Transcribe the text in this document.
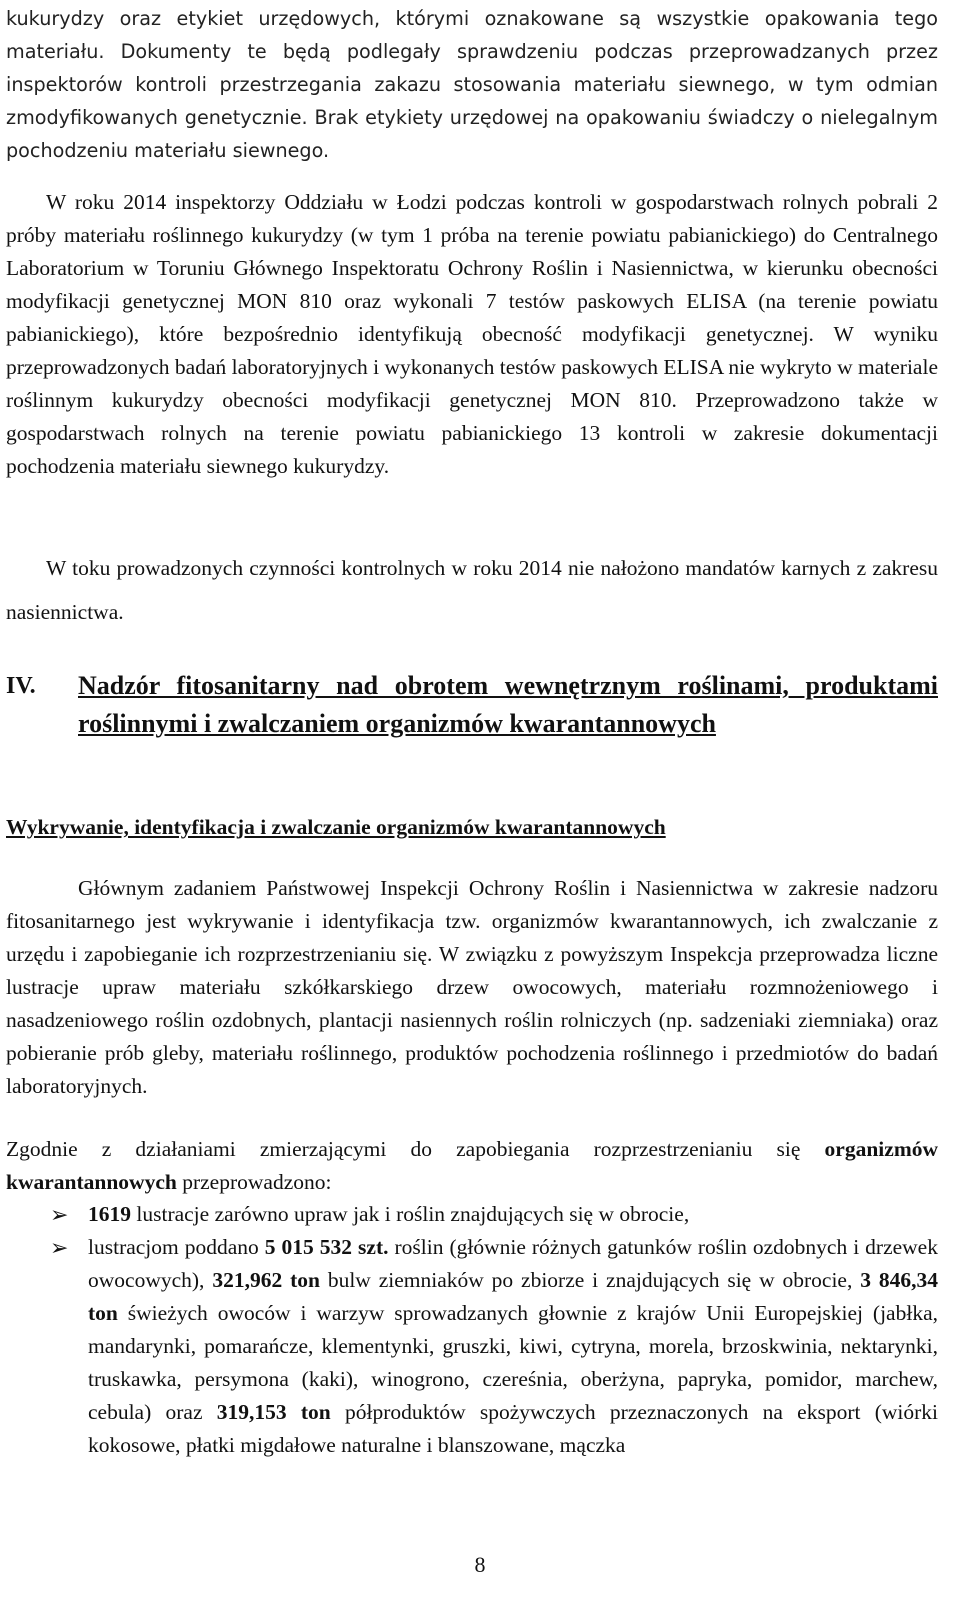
kukurydzy oraz etykiet urzędowych, którymi oznakowane są wszystkie opakowania tego materiału. Dokumenty te będą podlegały sprawdzeniu podczas przeprowadzanych przez inspektorów kontroli przestrzegania zakazu stosowania materiału siewnego, w tym odmian zmodyfikowanych genetycznie. Brak etykiety urzędowej na opakowaniu świadczy o nielegalnym pochodzeniu materiału siewnego.

W roku 2014 inspektorzy Oddziału w Łodzi podczas kontroli w gospodarstwach rolnych pobrali 2 próby materiału roślinnego kukurydzy (w tym 1 próba na terenie powiatu pabianickiego) do Centralnego Laboratorium w Toruniu Głównego Inspektoratu Ochrony Roślin i Nasiennictwa, w kierunku obecności modyfikacji genetycznej MON 810 oraz wykonali 7 testów paskowych ELISA (na terenie powiatu pabianickiego), które bezpośrednio identyfikują obecność modyfikacji genetycznej. W wyniku przeprowadzonych badań laboratoryjnych i wykonanych testów paskowych ELISA nie wykryto w materiale roślinnym kukurydzy obecności modyfikacji genetycznej MON 810. Przeprowadzono także w gospodarstwach rolnych na terenie powiatu pabianickiego 13 kontroli w zakresie dokumentacji pochodzenia materiału siewnego kukurydzy.

W toku prowadzonych czynności kontrolnych w roku 2014 nie nałożono mandatów karnych z zakresu nasiennictwa.

IV. Nadzór fitosanitarny nad obrotem wewnętrznym roślinami, produktami roślinnymi i zwalczaniem organizmów kwarantannowych
Wykrywanie, identyfikacja i zwalczanie organizmów kwarantannowych

Głównym zadaniem Państwowej Inspekcji Ochrony Roślin i Nasiennictwa w zakresie nadzoru fitosanitarnego jest wykrywanie i identyfikacja tzw. organizmów kwarantannowych, ich zwalczanie z urzędu i zapobieganie ich rozprzestrzenianiu się. W związku z powyższym Inspekcja przeprowadza liczne lustracje upraw materiału szkółkarskiego drzew owocowych, materiału rozmnożeniowego i nasadzeniowego roślin ozdobnych, plantacji nasiennych roślin rolniczych (np. sadzeniaki ziemniaka) oraz pobieranie prób gleby, materiału roślinnego, produktów pochodzenia roślinnego i przedmiotów do badań laboratoryjnych.

Zgodnie z działaniami zmierzającymi do zapobiegania rozprzestrzenianiu się organizmów kwarantannowych przeprowadzono:

➢ 1619 lustracje zarówno upraw jak i roślin znajdujących się w obrocie,
➢ lustracjom poddano 5 015 532 szt. roślin (głównie różnych gatunków roślin ozdobnych i drzewek owocowych), 321,962 ton bulw ziemniaków po zbiorze i znajdujących się w obrocie, 3 846,34 ton świeżych owoców i warzyw sprowadzanych głownie z krajów Unii Europejskiej (jabłka, mandarynki, pomarańcze, klementynki, gruszki, kiwi, cytryna, morela, brzoskwinia, nektarynki, truskawka, persymona (kaki), winogrono, czereśnia, oberżyna, papryka, pomidor, marchew, cebula) oraz 319,153 ton półproduktów spożywczych przeznaczonych na eksport (wiórki kokosowe, płatki migdałowe naturalne i blanszowane, mączka
8
